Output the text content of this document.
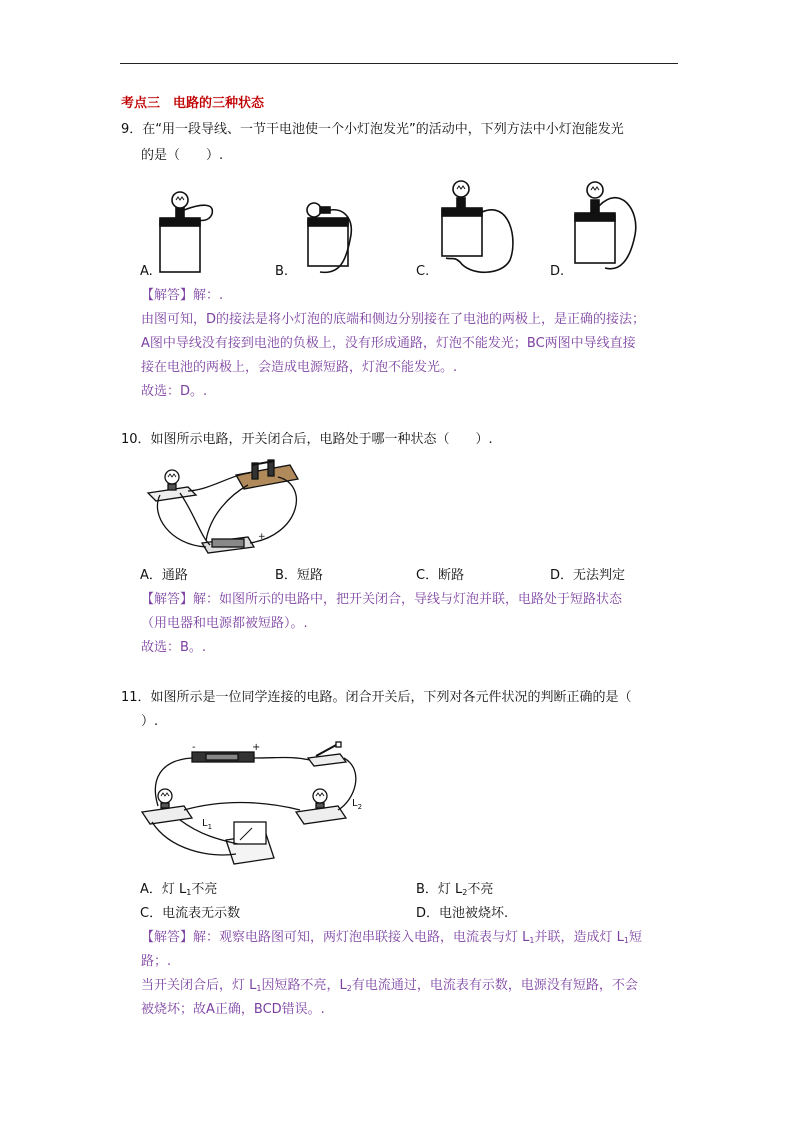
考点三　电路的三种状态
9．在“用一段导线、一节干电池使一个小灯泡发光”的活动中，下列方法中小灯泡能发光
的是（　　）.
A.	B.	C.	D.
【解答】解：.
由图可知，D的接法是将小灯泡的底端和侧边分别接在了电池的两极上，是正确的接法；
A图中导线没有接到电池的负极上，没有形成通路，灯泡不能发光；BC两图中导线直接
接在电池的两极上，会造成电源短路，灯泡不能发光。.
故选：D。.
10．如图所示电路，开关闭合后，电路处于哪一种状态（　　）.
+
A．通路	B．短路	C．断路	D．无法判定
【解答】解：如图所示的电路中，把开关闭合，导线与灯泡并联，电路处于短路状态
（用电器和电源都被短路）。.
故选：B。.
11．如图所示是一位同学连接的电路。闭合开关后，下列对各元件状况的判断正确的是（
）.
-	+
$L_1$
$L_2$
A．灯 $L_1$不亮	B．灯 $L_2$不亮
C．电流表无示数	D．电池被烧坏.
【解答】解：观察电路图可知，两灯泡串联接入电路，电流表与灯 $L_1$并联，造成灯 $L_1$短
路；.
当开关闭合后，灯 $L_1$因短路不亮，$L_2$有电流通过，电流表有示数，电源没有短路，不会
被烧坏；故A正确，BCD错误。.
